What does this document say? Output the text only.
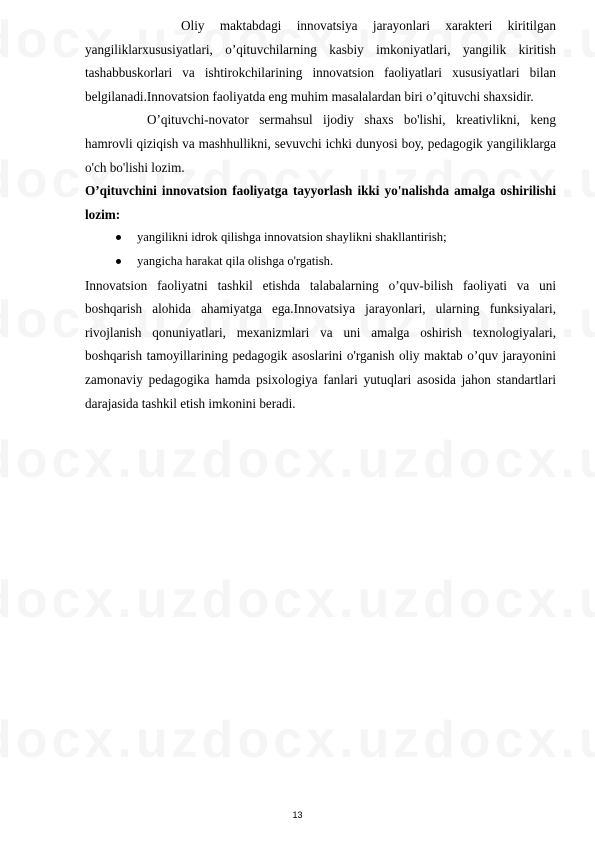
Oliy maktabdagi innovatsiya jarayonlari xarakteri kiritilgan yangiliklarxususiyatlari, o’qituvchilarning kasbiy imkoniyatlari, yangilik kiritish tashabbuskorlari va ishtirokchilarining innovatsion faoliyatlari xususiyatlari bilan belgilanadi.Innovatsion faoliyatda eng muhim masalalardan biri o’qituvchi shaxsidir.

O’qituvchi-novator sermahsul ijodiy shaxs bo'lishi, kreativlikni, keng hamrovli qiziqish va mashhullikni, sevuvchi ichki dunyosi boy, pedagogik yangiliklarga o'ch bo'lishi lozim.

O’qituvchini innovatsion faoliyatga tayyorlash ikki yo'nalishda amalga oshirilishi lozim:

yangilikni idrok qilishga innovatsion shaylikni shakllantirish;
yangicha harakat qila olishga o'rgatish.

Innovatsion faoliyatni tashkil etishda talabalarning o’quv-bilish faoliyati va uni boshqarish alohida ahamiyatga ega.Innovatsiya jarayonlari, ularning funksiyalari, rivojlanish qonuniyatlari, mexanizmlari va uni amalga oshirish texnologiyalari, boshqarish tamoyillarining pedagogik asoslarini o'rganish oliy maktab o’quv jarayonini zamonaviy pedagogika hamda psixologiya fanlari yutuqlari asosida jahon standartlari darajasida tashkil etish imkonini beradi.

13
